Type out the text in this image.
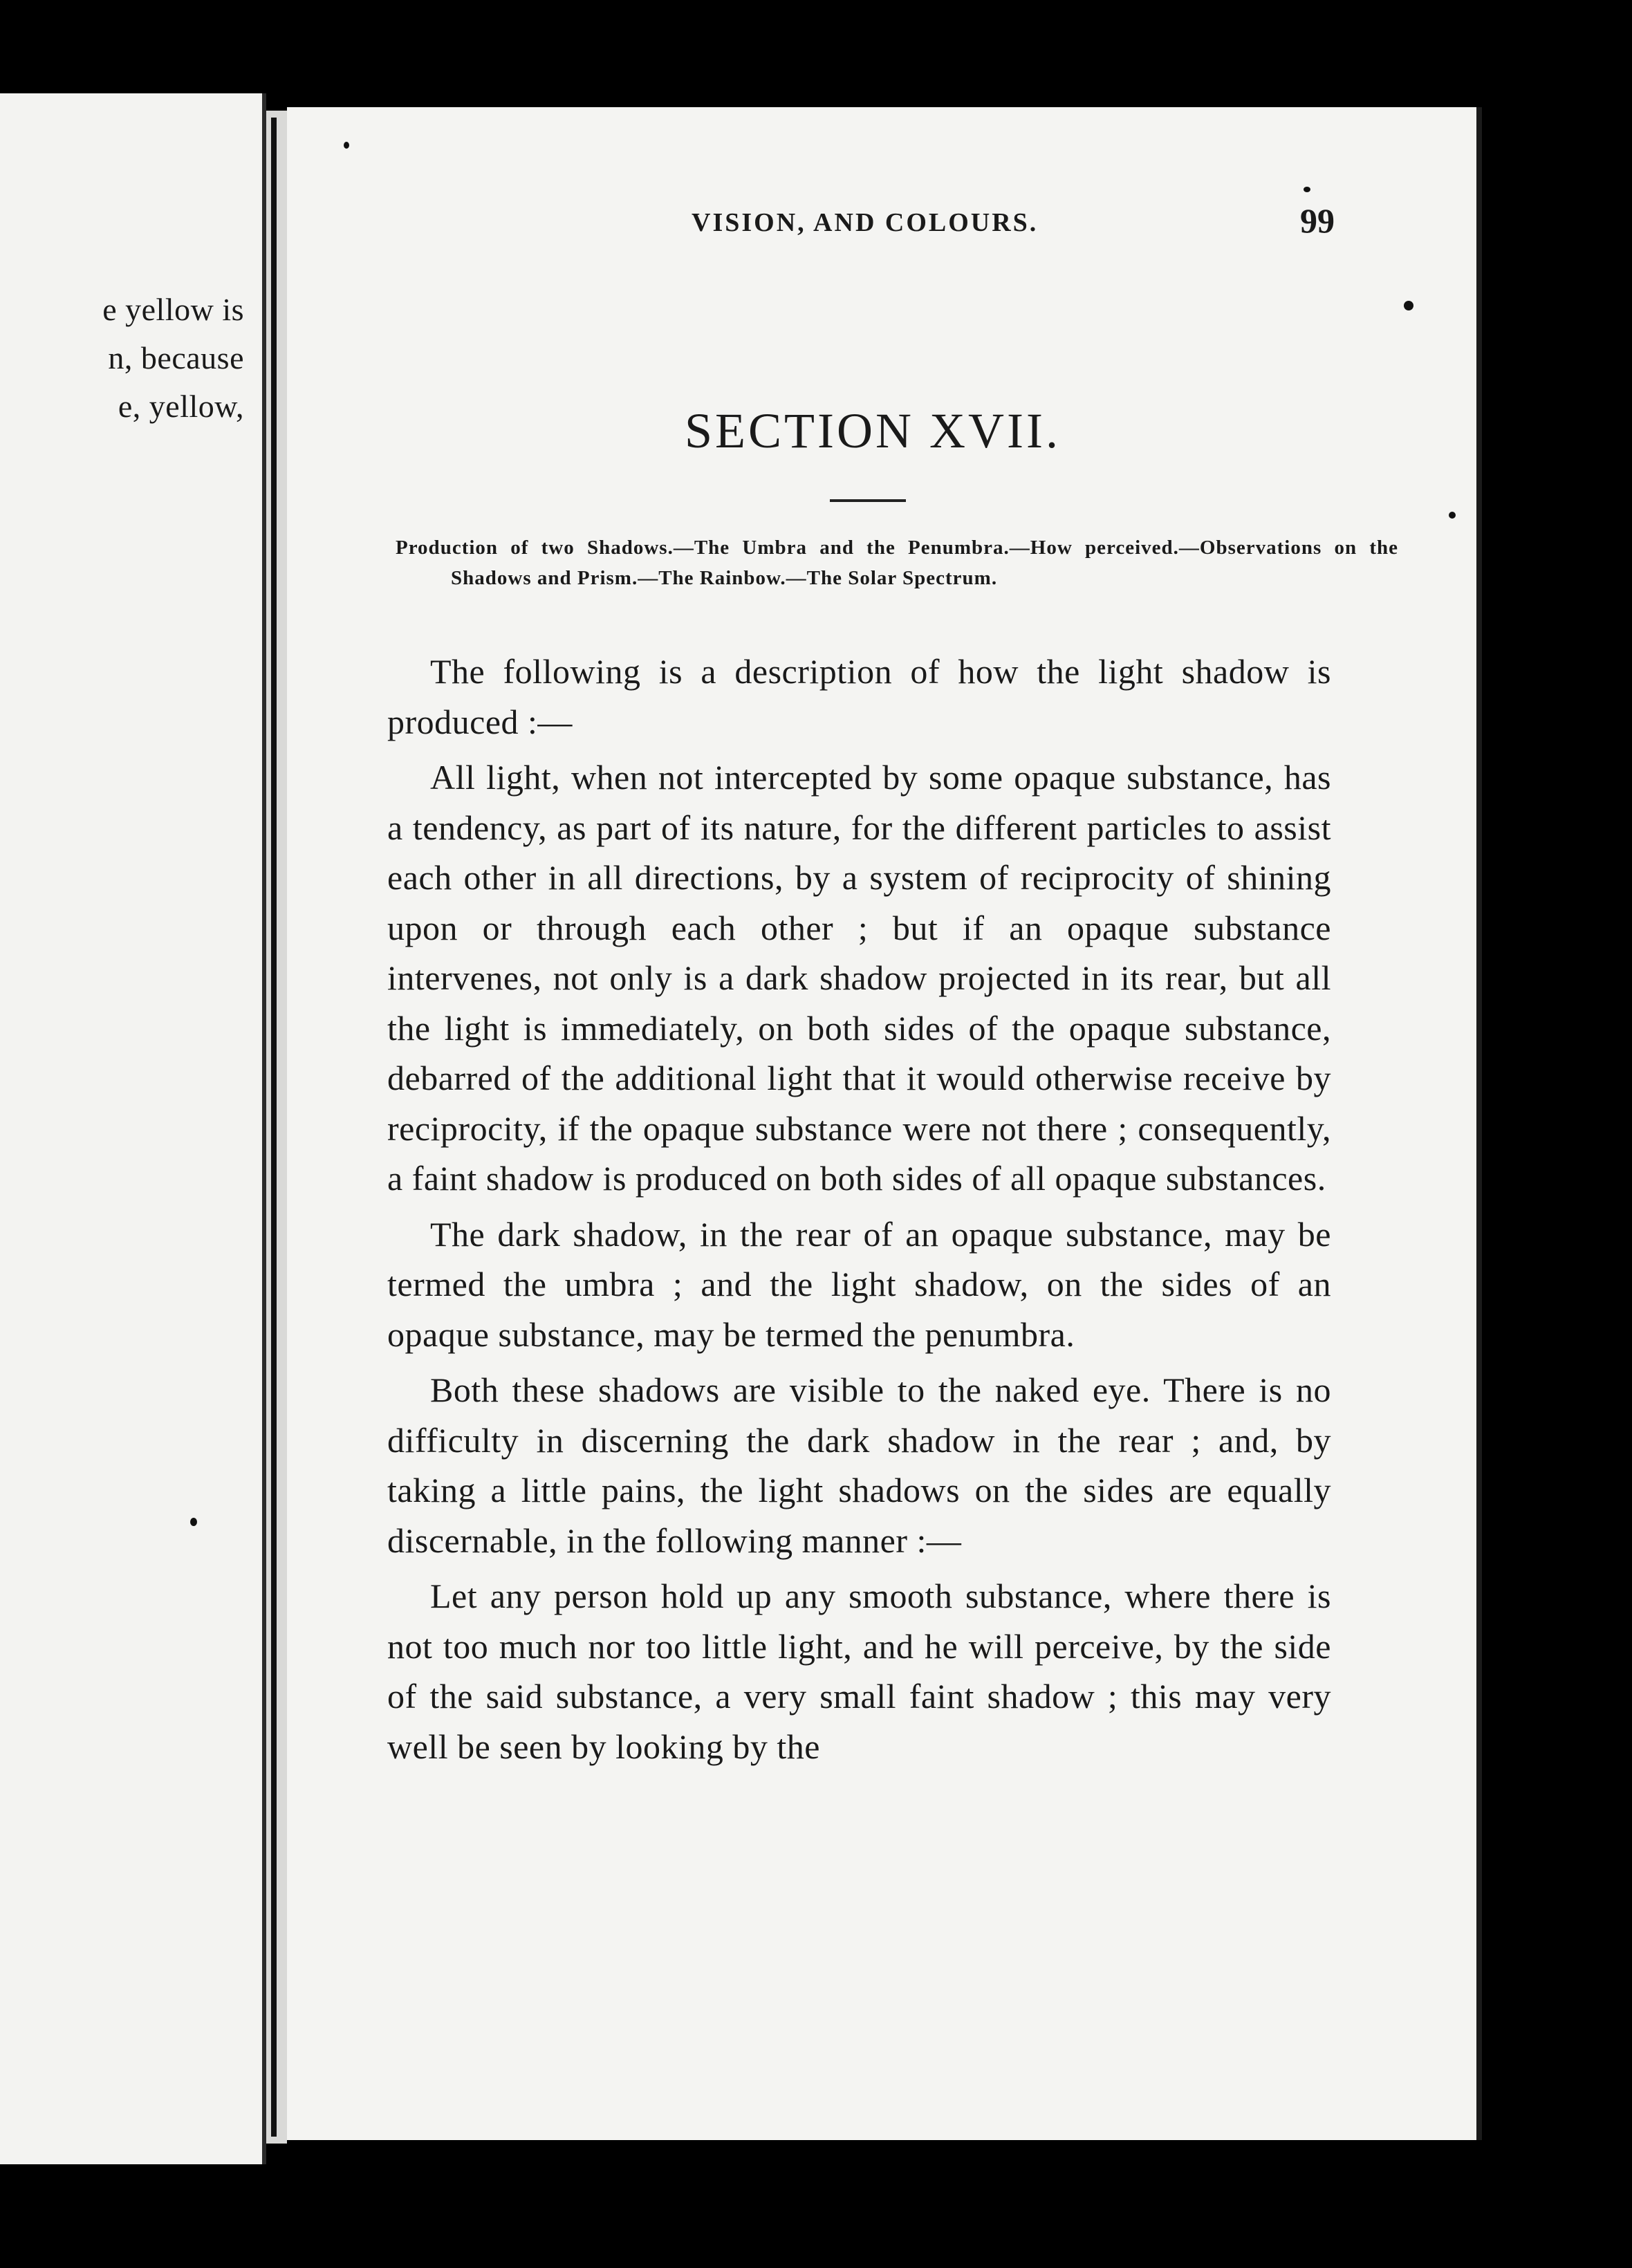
e yellow is
n, because
e, yellow,
VISION, AND COLOURS.	99
SECTION XVII.
Production of two Shadows.—The Umbra and the Penumbra.—How perceived.—Observations on the Shadows and Prism.—The Rainbow.—The Solar Spectrum.

The following is a description of how the light shadow is produced :—

All light, when not intercepted by some opaque substance, has a tendency, as part of its nature, for the different particles to assist each other in all directions, by a system of reciprocity of shining upon or through each other ; but if an opaque substance intervenes, not only is a dark shadow projected in its rear, but all the light is immediately, on both sides of the opaque substance, debarred of the additional light that it would otherwise receive by reciprocity, if the opaque substance were not there ; consequently, a faint shadow is produced on both sides of all opaque substances.

The dark shadow, in the rear of an opaque substance, may be termed the umbra ; and the light shadow, on the sides of an opaque substance, may be termed the penumbra.

Both these shadows are visible to the naked eye. There is no difficulty in discerning the dark shadow in the rear ; and, by taking a little pains, the light shadows on the sides are equally discernable, in the following manner :—

Let any person hold up any smooth substance, where there is not too much nor too little light, and he will perceive, by the side of the said substance, a very small faint shadow ; this may very well be seen by looking by the
